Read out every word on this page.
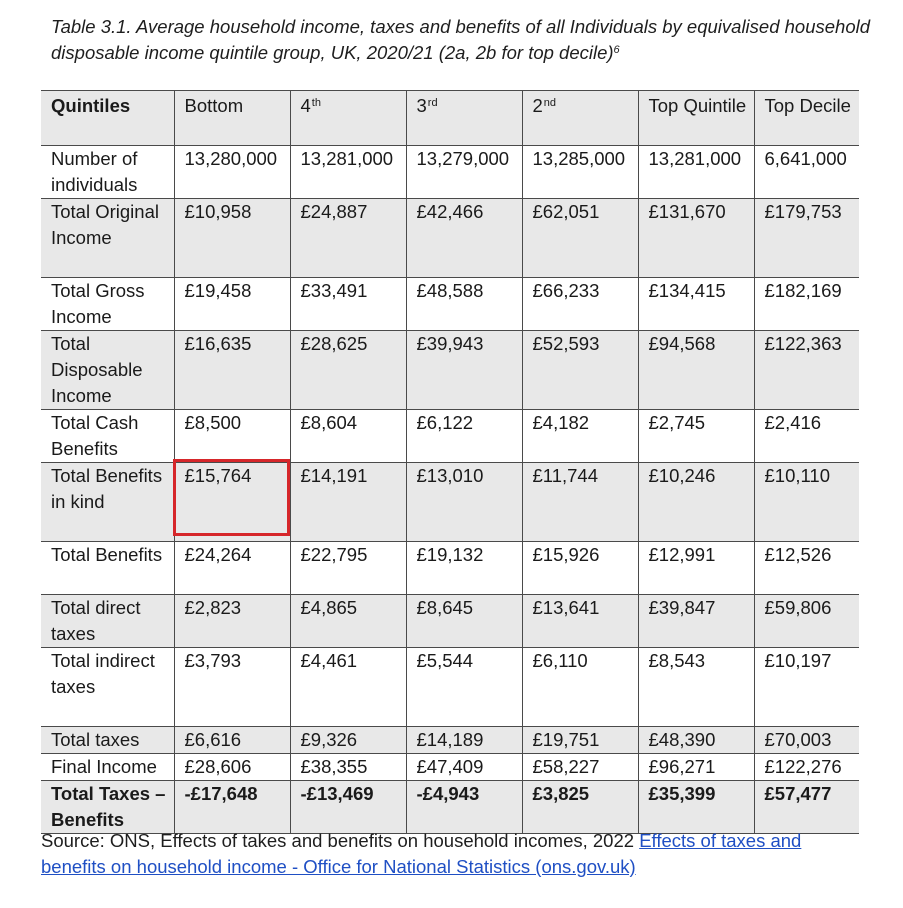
Table 3.1. Average household income, taxes and benefits of all Individuals by equivalised household disposable income quintile group, UK, 2020/21 (2a, 2b for top decile)$^6$
Quintiles	Bottom	4th	3rd	2nd	Top Quintile	Top Decile
Number of individuals	13,280,000	13,281,000	13,279,000	13,285,000	13,281,000	6,641,000
Total Original Income	£10,958	£24,887	£42,466	£62,051	£131,670	£179,753
Total Gross Income	£19,458	£33,491	£48,588	£66,233	£134,415	£182,169
Total Disposable Income	£16,635	£28,625	£39,943	£52,593	£94,568	£122,363
Total Cash Benefits	£8,500	£8,604	£6,122	£4,182	£2,745	£2,416
Total Benefits in kind	£15,764	£14,191	£13,010	£11,744	£10,246	£10,110
Total Benefits	£24,264	£22,795	£19,132	£15,926	£12,991	£12,526
Total direct taxes	£2,823	£4,865	£8,645	£13,641	£39,847	£59,806
Total indirect taxes	£3,793	£4,461	£5,544	£6,110	£8,543	£10,197
Total taxes	£6,616	£9,326	£14,189	£19,751	£48,390	£70,003
Final Income	£28,606	£38,355	£47,409	£58,227	£96,271	£122,276
Total Taxes – Benefits	-£17,648	-£13,469	-£4,943	£3,825	£35,399	£57,477
Source: ONS, Effects of takes and benefits on household incomes, 2022 Effects of taxes and benefits on household income - Office for National Statistics (ons.gov.uk)
